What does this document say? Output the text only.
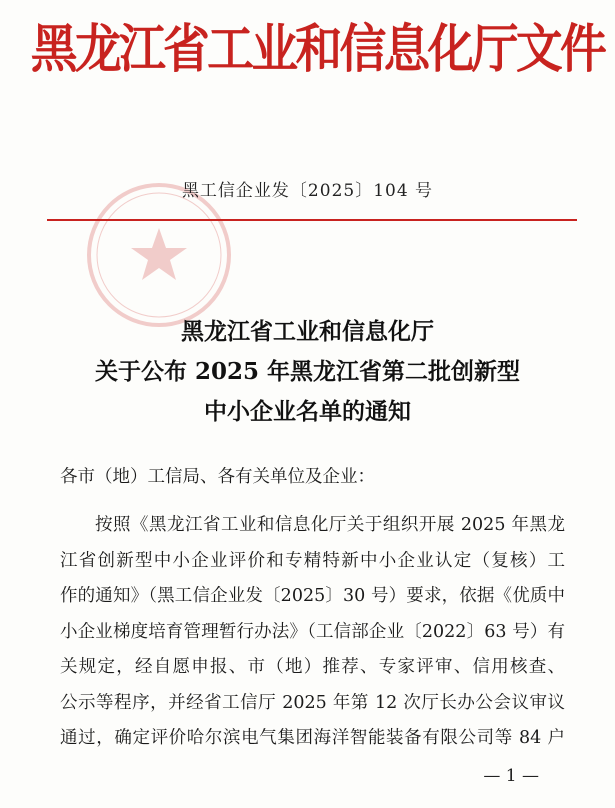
黑龙江省工业和信息化厅文件
黑工信企业发〔2025〕104 号
黑龙江省工业和信息化厅
关于公布 2025 年黑龙江省第二批创新型
中小企业名单的通知
各市（地）工信局、各有关单位及企业：
按照《黑龙江省工业和信息化厅关于组织开展 2025 年黑龙
江省创新型中小企业评价和专精特新中小企业认定（复核）工
作的通知》（黑工信企业发〔2025〕30 号）要求，依据《优质中
小企业梯度培育管理暂行办法》（工信部企业〔2022〕63 号）有
关规定，经自愿申报、市（地）推荐、专家评审、信用核查、
公示等程序，并经省工信厅 2025 年第 12 次厅长办公会议审议
通过，确定评价哈尔滨电气集团海洋智能装备有限公司等 84 户
— 1 —
